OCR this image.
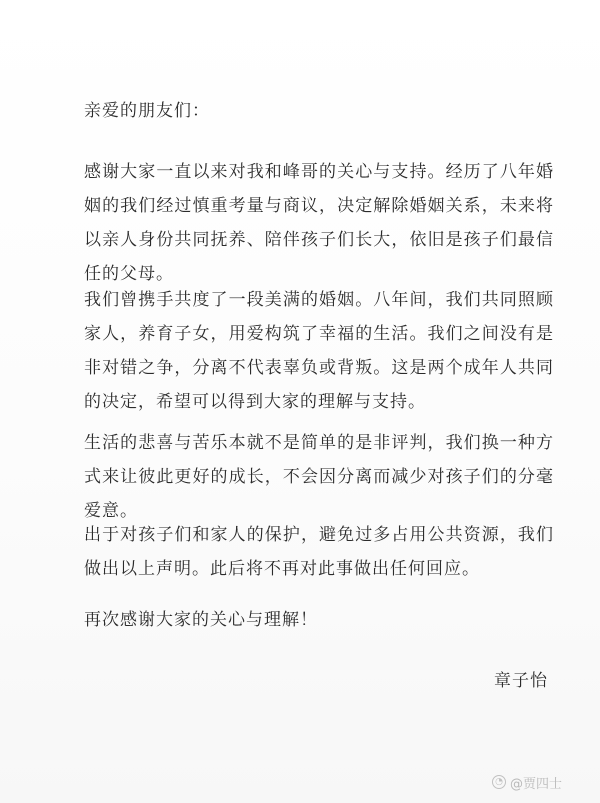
亲爱的朋友们：

感谢大家一直以来对我和峰哥的关心与支持。经历了八年婚姻的我们经过慎重考量与商议，决定解除婚姻关系，未来将以亲人身份共同抚养、陪伴孩子们长大，依旧是孩子们最信任的父母。

我们曾携手共度了一段美满的婚姻。八年间，我们共同照顾家人，养育子女，用爱构筑了幸福的生活。我们之间没有是非对错之争，分离不代表辜负或背叛。这是两个成年人共同的决定，希望可以得到大家的理解与支持。

生活的悲喜与苦乐本就不是简单的是非评判，我们换一种方式来让彼此更好的成长，不会因分离而减少对孩子们的分毫爱意。

出于对孩子们和家人的保护，避免过多占用公共资源，我们做出以上声明。此后将不再对此事做出任何回应。

再次感谢大家的关心与理解！
章子怡
◔ @贾四士
